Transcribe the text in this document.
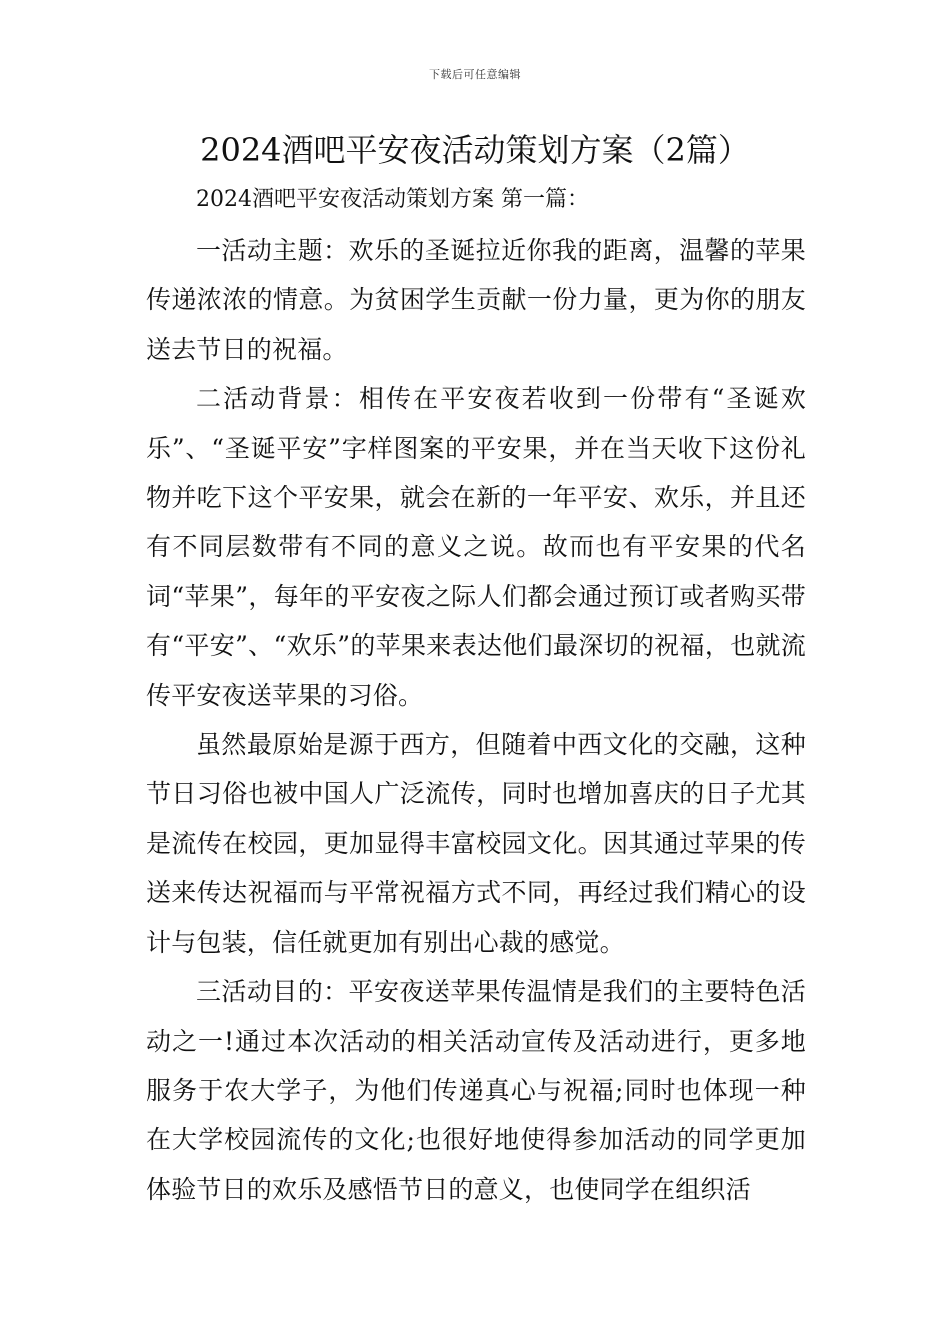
下载后可任意编辑
2024酒吧平安夜活动策划方案（2篇）
2024酒吧平安夜活动策划方案 第一篇：

一活动主题：欢乐的圣诞拉近你我的距离，温馨的苹果传递浓浓的情意。为贫困学生贡献一份力量，更为你的朋友送去节日的祝福。

二活动背景：相传在平安夜若收到一份带有“圣诞欢乐”、“圣诞平安”字样图案的平安果，并在当天收下这份礼物并吃下这个平安果，就会在新的一年平安、欢乐，并且还有不同层数带有不同的意义之说。故而也有平安果的代名词“苹果”，每年的平安夜之际人们都会通过预订或者购买带有“平安”、“欢乐”的苹果来表达他们最深切的祝福，也就流传平安夜送苹果的习俗。

虽然最原始是源于西方，但随着中西文化的交融，这种节日习俗也被中国人广泛流传，同时也增加喜庆的日子尤其是流传在校园，更加显得丰富校园文化。因其通过苹果的传送来传达祝福而与平常祝福方式不同，再经过我们精心的设计与包装，信任就更加有别出心裁的感觉。

三活动目的：平安夜送苹果传温情是我们的主要特色活动之一!通过本次活动的相关活动宣传及活动进行，更多地服务于农大学子，为他们传递真心与祝福;同时也体现一种在大学校园流传的文化;也很好地使得参加活动的同学更加体验节日的欢乐及感悟节日的意义，也使同学在组织活
